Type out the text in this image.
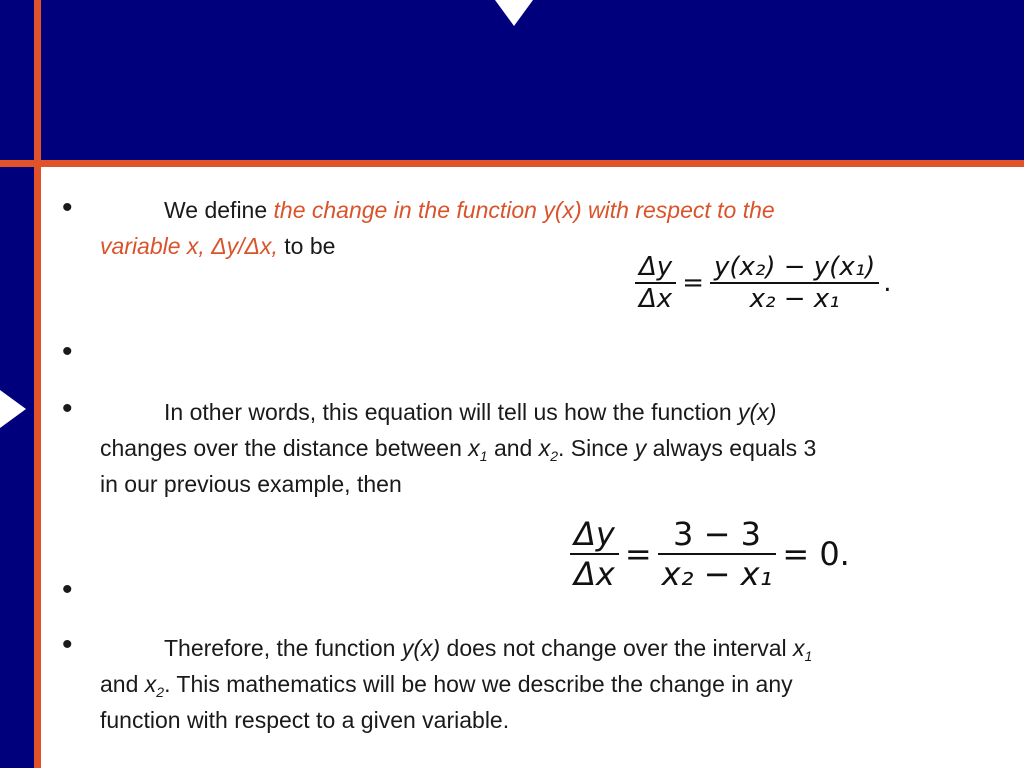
•
•
•
•
•
We define the change in the function y(x) with respect to the
variable x, Δy/Δx, to be
$\frac{\Delta y}{\Delta x} = \frac{\text{y(x₂) − y(x₁)}}{\text{x₂ − x₁}}$ .
In other words, this equation will tell us how the function y(x)
changes over the distance between $x_1$ and $x_2$. Since y always equals 3
in our previous example, then
$\frac{\Delta y}{\Delta x} = \frac{3 - 3}{\text{x₂ − x₁}} = 0$.
Therefore, the function y(x) does not change over the interval $x_1$
and $x_2$. This mathematics will be how we describe the change in any
function with respect to a given variable.
